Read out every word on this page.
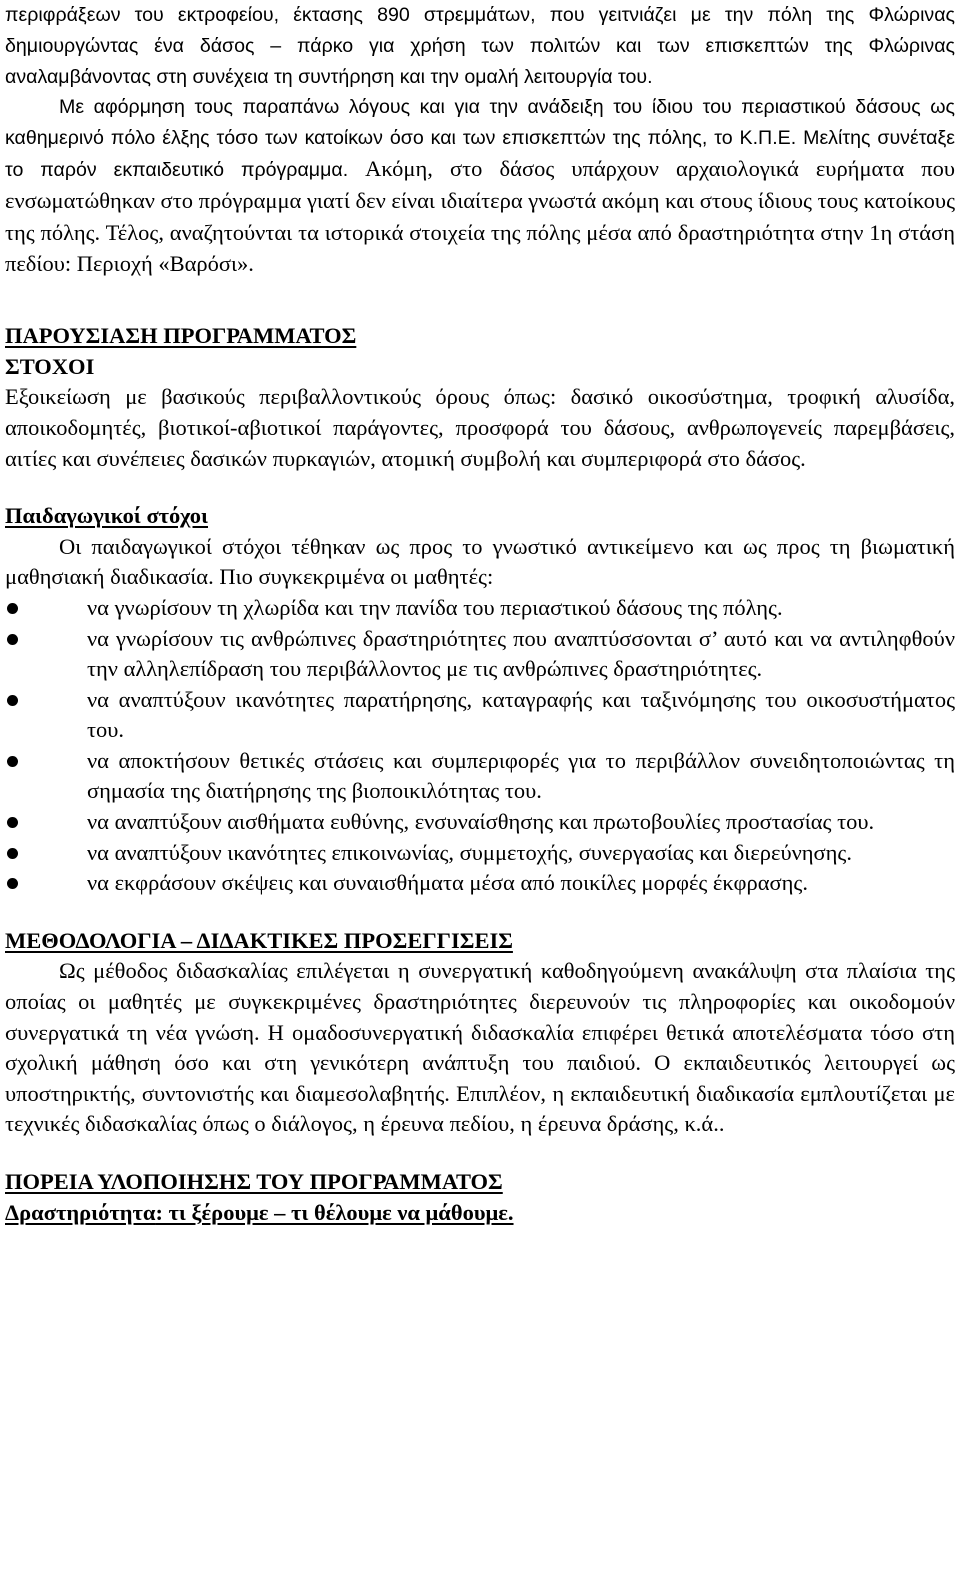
περιφράξεων του εκτροφείου, έκτασης 890 στρεμμάτων, που γειτνιάζει με την πόλη της Φλώρινας δημιουργώντας ένα δάσος – πάρκο για χρήση των πολιτών και των επισκεπτών της Φλώρινας αναλαμβάνοντας στη συνέχεια τη συντήρηση και την ομαλή λειτουργία του.

Με αφόρμηση τους παραπάνω λόγους και για την ανάδειξη του ίδιου του περιαστικού δάσους ως καθημερινό πόλο έλξης τόσο των κατοίκων όσο και των επισκεπτών της πόλης, το Κ.Π.Ε. Μελίτης συνέταξε το παρόν εκπαιδευτικό πρόγραμμα. Ακόμη, στο δάσος υπάρχουν αρχαιολογικά ευρήματα που ενσωματώθηκαν στο πρόγραμμα γιατί δεν είναι ιδιαίτερα γνωστά ακόμη και στους ίδιους τους κατοίκους της πόλης. Τέλος, αναζητούνται τα ιστορικά στοιχεία της πόλης μέσα από δραστηριότητα στην 1η στάση πεδίου: Περιοχή «Βαρόσι».

ΠΑΡΟΥΣΙΑΣΗ ΠΡΟΓΡΑΜΜΑΤΟΣ
ΣΤΟΧΟΙ

Εξοικείωση με βασικούς περιβαλλοντικούς όρους όπως: δασικό οικοσύστημα, τροφική αλυσίδα, αποικοδομητές, βιοτικοί-αβιοτικοί παράγοντες, προσφορά του δάσους, ανθρωπογενείς παρεμβάσεις, αιτίες και συνέπειες δασικών πυρκαγιών, ατομική συμβολή και συμπεριφορά στο δάσος.

Παιδαγωγικοί στόχοι

Οι παιδαγωγικοί στόχοι τέθηκαν ως προς το γνωστικό αντικείμενο και ως προς τη βιωματική μαθησιακή διαδικασία. Πιο συγκεκριμένα οι μαθητές:

να γνωρίσουν τη χλωρίδα και την πανίδα του περιαστικού δάσους της πόλης.
να γνωρίσουν τις ανθρώπινες δραστηριότητες που αναπτύσσονται σ’ αυτό και να αντιληφθούν την αλληλεπίδραση του περιβάλλοντος με τις ανθρώπινες δραστηριότητες.
να αναπτύξουν ικανότητες παρατήρησης, καταγραφής και ταξινόμησης του οικοσυστήματος του.
να αποκτήσουν θετικές στάσεις και συμπεριφορές για το περιβάλλον συνειδητοποιώντας τη σημασία της διατήρησης της βιοποικιλότητας του.
να αναπτύξουν αισθήματα ευθύνης, ενσυναίσθησης και πρωτοβουλίες προστασίας του.
να αναπτύξουν ικανότητες επικοινωνίας, συμμετοχής, συνεργασίας και διερεύνησης.
να εκφράσουν σκέψεις και συναισθήματα μέσα από ποικίλες μορφές έκφρασης.
ΜΕΘΟΔΟΛΟΓΙΑ – ΔΙΔΑΚΤΙΚΕΣ ΠΡΟΣΕΓΓΙΣΕΙΣ

Ως μέθοδος διδασκαλίας επιλέγεται η συνεργατική καθοδηγούμενη ανακάλυψη στα πλαίσια της οποίας οι μαθητές με συγκεκριμένες δραστηριότητες διερευνούν τις πληροφορίες και οικοδομούν συνεργατικά τη νέα γνώση. Η ομαδοσυνεργατική διδασκαλία επιφέρει θετικά αποτελέσματα τόσο στη σχολική μάθηση όσο και στη γενικότερη ανάπτυξη του παιδιού. Ο εκπαιδευτικός λειτουργεί ως υποστηρικτής, συντονιστής και διαμεσολαβητής. Επιπλέον, η εκπαιδευτική διαδικασία εμπλουτίζεται με τεχνικές διδασκαλίας όπως ο διάλογος, η έρευνα πεδίου, η έρευνα δράσης, κ.ά..

ΠΟΡΕΙΑ ΥΛΟΠΟΙΗΣΗΣ ΤΟΥ ΠΡΟΓΡΑΜΜΑΤΟΣ
Δραστηριότητα: τι ξέρουμε – τι θέλουμε να μάθουμε.
